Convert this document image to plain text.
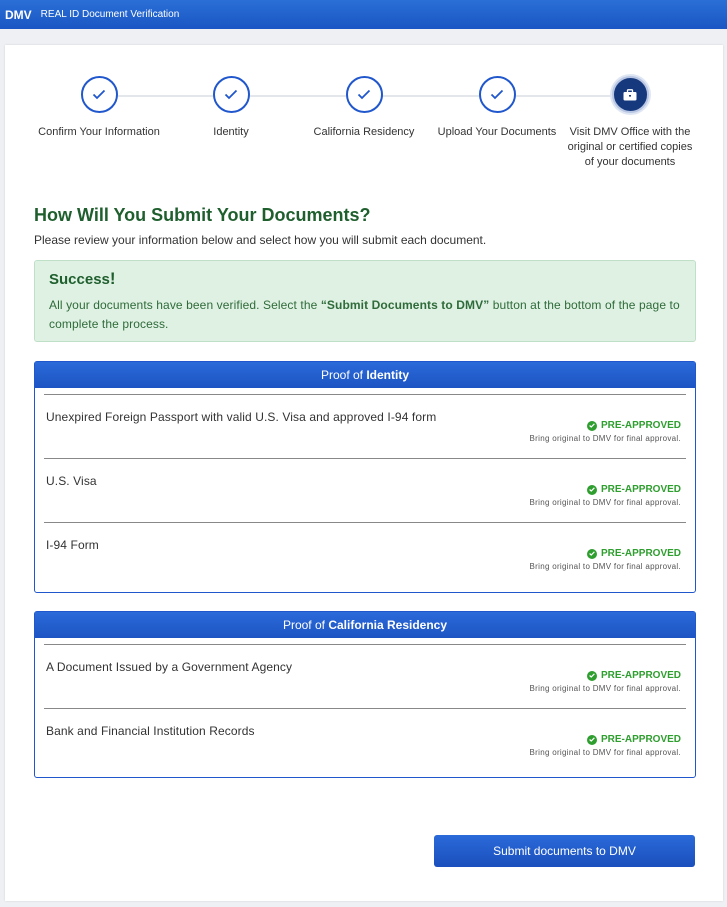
DMV REAL ID Document Verification
Confirm Your Information	Identity	California Residency	Upload Your Documents	Visit DMV Office with the original or certified copies of your documents
How Will You Submit Your Documents?

Please review your information below and select how you will submit each document.

Success!
All your documents have been verified. Select the “Submit Documents to DMV” button at the bottom of the page to complete the process.
Proof of Identity
Unexpired Foreign Passport with valid U.S. Visa and approved I-94 form
PRE-APPROVED
Bring original to DMV for final approval.
U.S. Visa
PRE-APPROVED
Bring original to DMV for final approval.
I-94 Form
PRE-APPROVED
Bring original to DMV for final approval.
Proof of California Residency
A Document Issued by a Government Agency
PRE-APPROVED
Bring original to DMV for final approval.
Bank and Financial Institution Records
PRE-APPROVED
Bring original to DMV for final approval.
Submit documents to DMV
